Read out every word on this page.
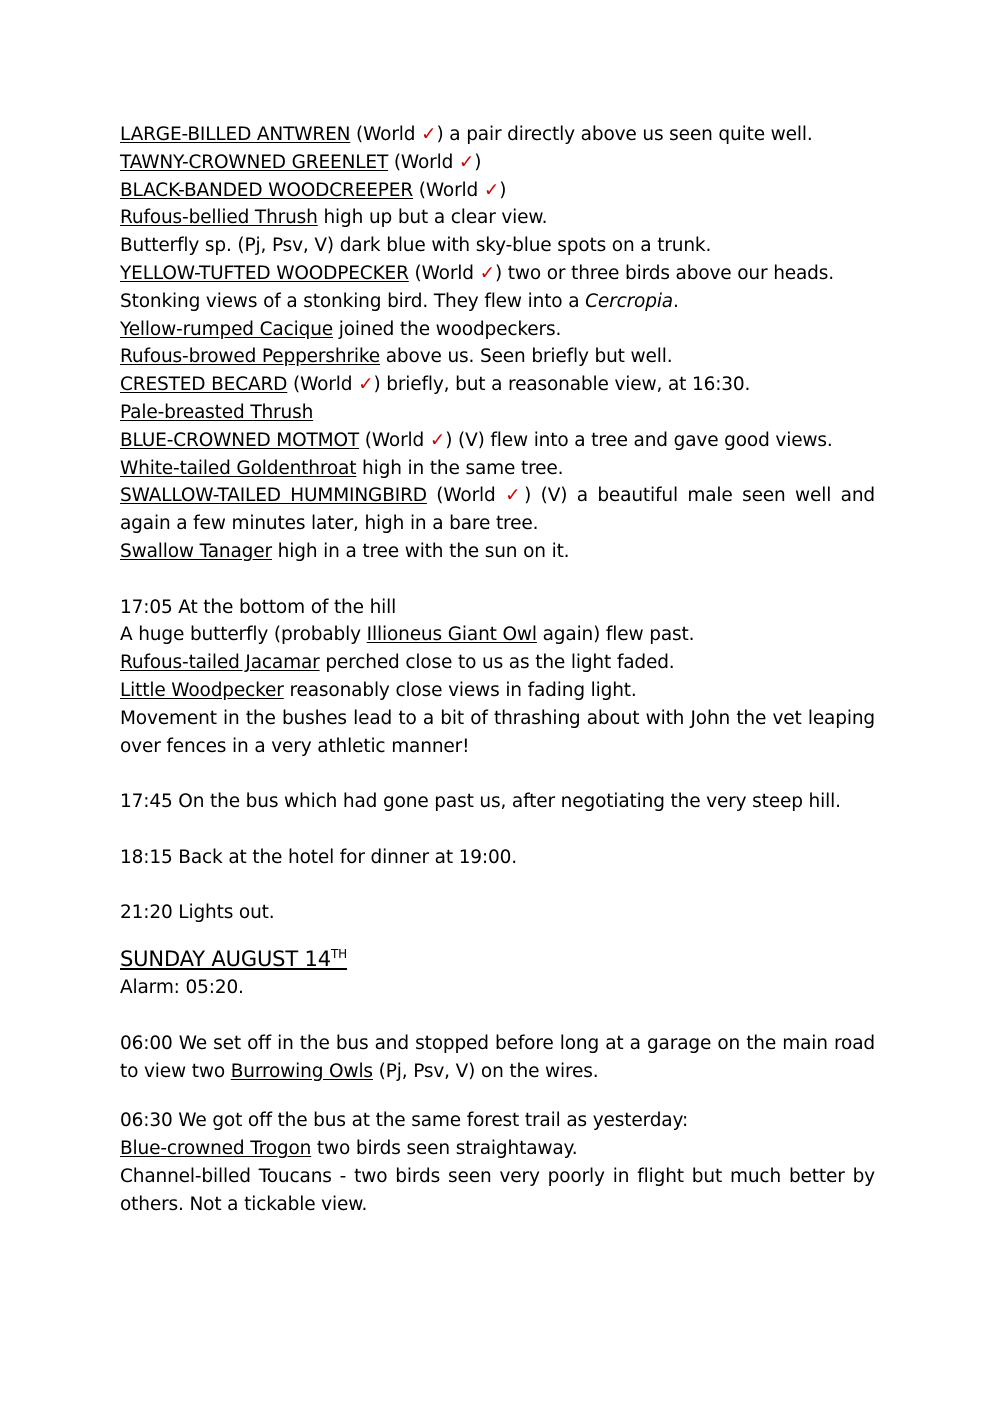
LARGE-BILLED ANTWREN (World ✓) a pair directly above us seen quite well.
TAWNY-CROWNED GREENLET (World ✓)
BLACK-BANDED WOODCREEPER (World ✓)
Rufous-bellied Thrush high up but a clear view.
Butterfly sp. (Pj, Psv, V) dark blue with sky-blue spots on a trunk.
YELLOW-TUFTED WOODPECKER (World ✓) two or three birds above our heads.
Stonking views of a stonking bird. They flew into a Cercropia.
Yellow-rumped Cacique joined the woodpeckers.
Rufous-browed Peppershrike above us. Seen briefly but well.
CRESTED BECARD (World ✓) briefly, but a reasonable view, at 16:30.
Pale-breasted Thrush
BLUE-CROWNED MOTMOT (World ✓) (V) flew into a tree and gave good views.
White-tailed Goldenthroat high in the same tree.
SWALLOW-TAILED HUMMINGBIRD (World ✓) (V) a beautiful male seen well and again a few minutes later, high in a bare tree.
Swallow Tanager high in a tree with the sun on it.
17:05 At the bottom of the hill
A huge butterfly (probably Illioneus Giant Owl again) flew past.
Rufous-tailed Jacamar perched close to us as the light faded.
Little Woodpecker reasonably close views in fading light.
Movement in the bushes lead to a bit of thrashing about with John the vet leaping over fences in a very athletic manner!
17:45 On the bus which had gone past us, after negotiating the very steep hill.
18:15 Back at the hotel for dinner at 19:00.
21:20 Lights out.
SUNDAY AUGUST 14TH
Alarm: 05:20.
06:00 We set off in the bus and stopped before long at a garage on the main road to view two Burrowing Owls (Pj, Psv, V) on the wires.
06:30 We got off the bus at the same forest trail as yesterday:
Blue-crowned Trogon two birds seen straightaway.
Channel-billed Toucans - two birds seen very poorly in flight but much better by others. Not a tickable view.
